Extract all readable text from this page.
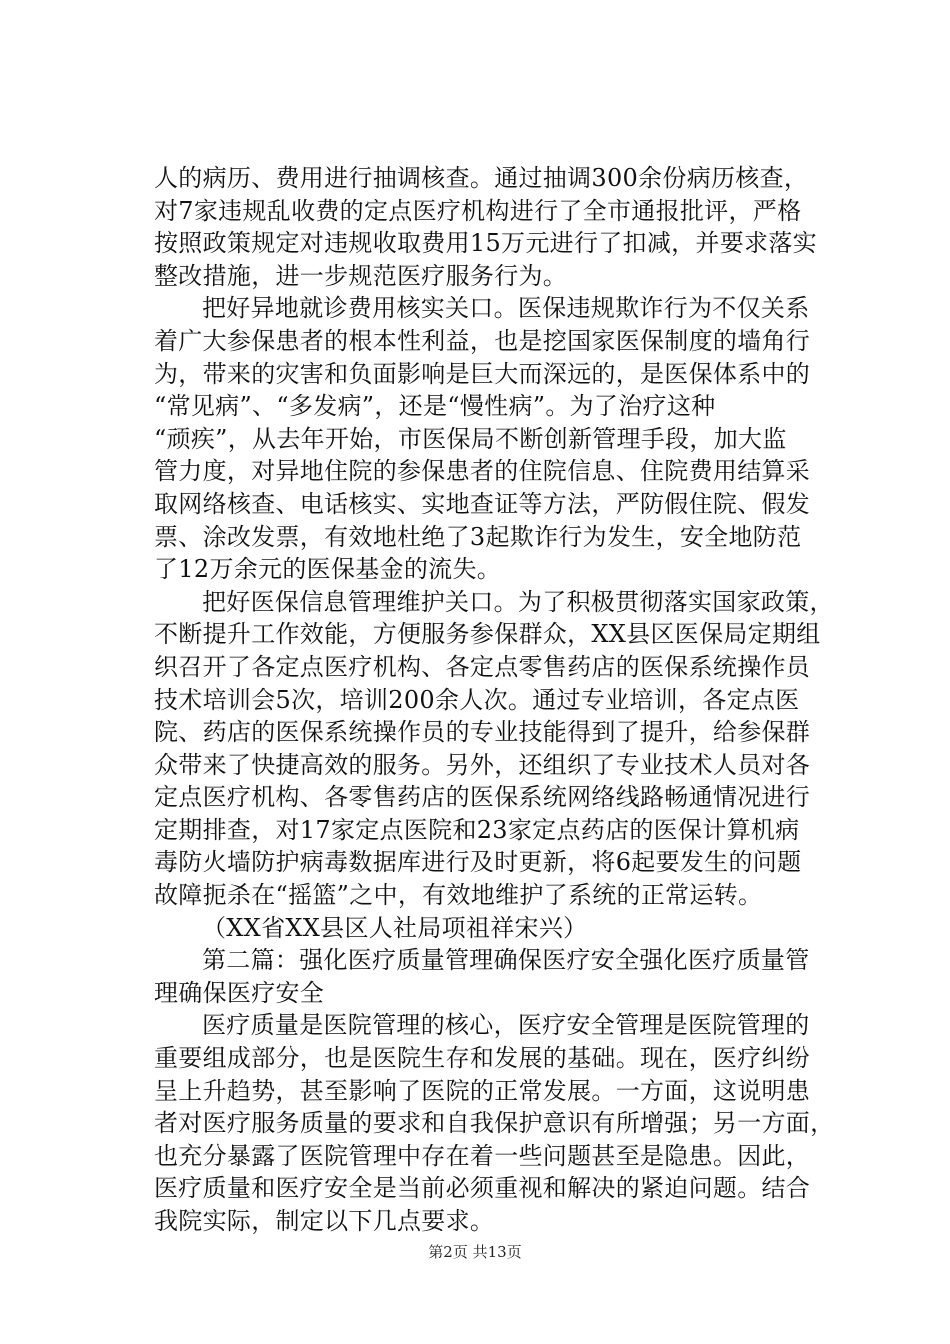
人的病历、费用进行抽调核查。通过抽调300余份病历核查，
对7家违规乱收费的定点医疗机构进行了全市通报批评，严格
按照政策规定对违规收取费用15万元进行了扣减，并要求落实
整改措施，进一步规范医疗服务行为。
把好异地就诊费用核实关口。医保违规欺诈行为不仅关系
着广大参保患者的根本性利益，也是挖国家医保制度的墙角行
为，带来的灾害和负面影响是巨大而深远的，是医保体系中的
“常见病”、“多发病”，还是“慢性病”。为了治疗这种
“顽疾”，从去年开始，市医保局不断创新管理手段，加大监
管力度，对异地住院的参保患者的住院信息、住院费用结算采
取网络核查、电话核实、实地查证等方法，严防假住院、假发
票、涂改发票，有效地杜绝了3起欺诈行为发生，安全地防范
了12万余元的医保基金的流失。
把好医保信息管理维护关口。为了积极贯彻落实国家政策，
不断提升工作效能，方便服务参保群众，XX县区医保局定期组
织召开了各定点医疗机构、各定点零售药店的医保系统操作员
技术培训会5次，培训200余人次。通过专业培训，各定点医
院、药店的医保系统操作员的专业技能得到了提升，给参保群
众带来了快捷高效的服务。另外，还组织了专业技术人员对各
定点医疗机构、各零售药店的医保系统网络线路畅通情况进行
定期排查，对17家定点医院和23家定点药店的医保计算机病
毒防火墙防护病毒数据库进行及时更新，将6起要发生的问题
故障扼杀在“摇篮”之中，有效地维护了系统的正常运转。
（XX省XX县区人社局项祖祥宋兴）
第二篇：强化医疗质量管理确保医疗安全强化医疗质量管
理确保医疗安全
医疗质量是医院管理的核心，医疗安全管理是医院管理的
重要组成部分，也是医院生存和发展的基础。现在，医疗纠纷
呈上升趋势，甚至影响了医院的正常发展。一方面，这说明患
者对医疗服务质量的要求和自我保护意识有所增强；另一方面，
也充分暴露了医院管理中存在着一些问题甚至是隐患。因此，
医疗质量和医疗安全是当前必须重视和解决的紧迫问题。结合
我院实际，制定以下几点要求。
第2页 共13页
